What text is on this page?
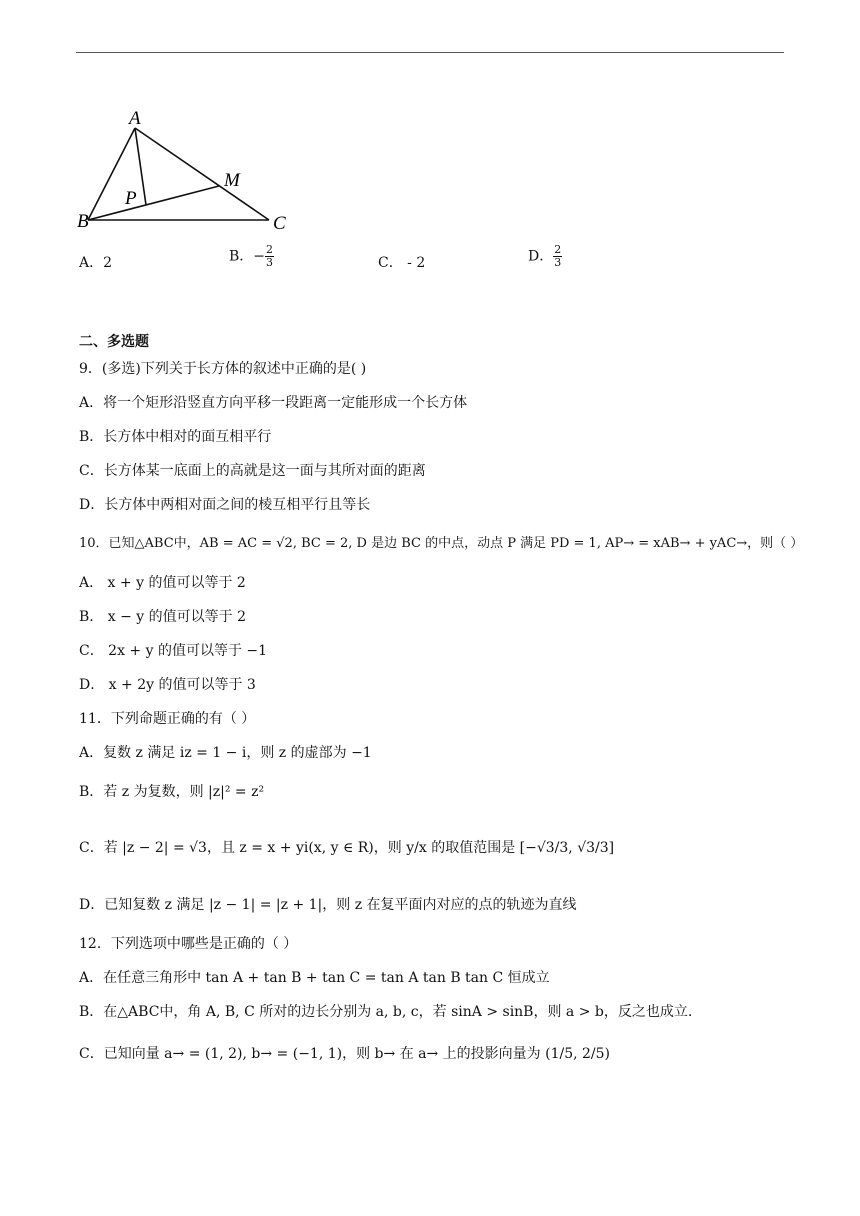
A
B	C
M
P
A．2	B．− $\frac{2}{3}$	C． - 2	D． $\frac{2}{3}$
二、多选题
9．(多选)下列关于长方体的叙述中正确的是( )
A．将一个矩形沿竖直方向平移一段距离一定能形成一个长方体
B．长方体中相对的面互相平行
C．长方体某一底面上的高就是这一面与其所对面的距离
D．长方体中两相对面之间的棱互相平行且等长
10．已知△ABC中，AB = AC = √2, BC = 2, D 是边 BC 的中点，动点 P 满足 PD = 1, AP→ = xAB→ + yAC→，则（ ）
A． x + y 的值可以等于 2
B． x − y 的值可以等于 2
C． 2x + y 的值可以等于 −1
D． x + 2y 的值可以等于 3
11．下列命题正确的有（ ）
A．复数 z 满足 iz = 1 − i，则 z 的虚部为 −1
B．若 z 为复数，则 |z|² = z²
C．若 |z − 2| = √3，且 z = x + yi(x, y ∈ R)，则 y/x 的取值范围是 [−√3/3, √3/3]
D．已知复数 z 满足 |z − 1| = |z + 1|，则 z 在复平面内对应的点的轨迹为直线
12．下列选项中哪些是正确的（ ）
A．在任意三角形中 tan A + tan B + tan C = tan A tan B tan C 恒成立
B．在△ABC中，角 A, B, C 所对的边长分别为 a, b, c，若 sinA > sinB，则 a > b，反之也成立.
C．已知向量 a→ = (1, 2), b→ = (−1, 1)，则 b→ 在 a→ 上的投影向量为 (1/5, 2/5)
